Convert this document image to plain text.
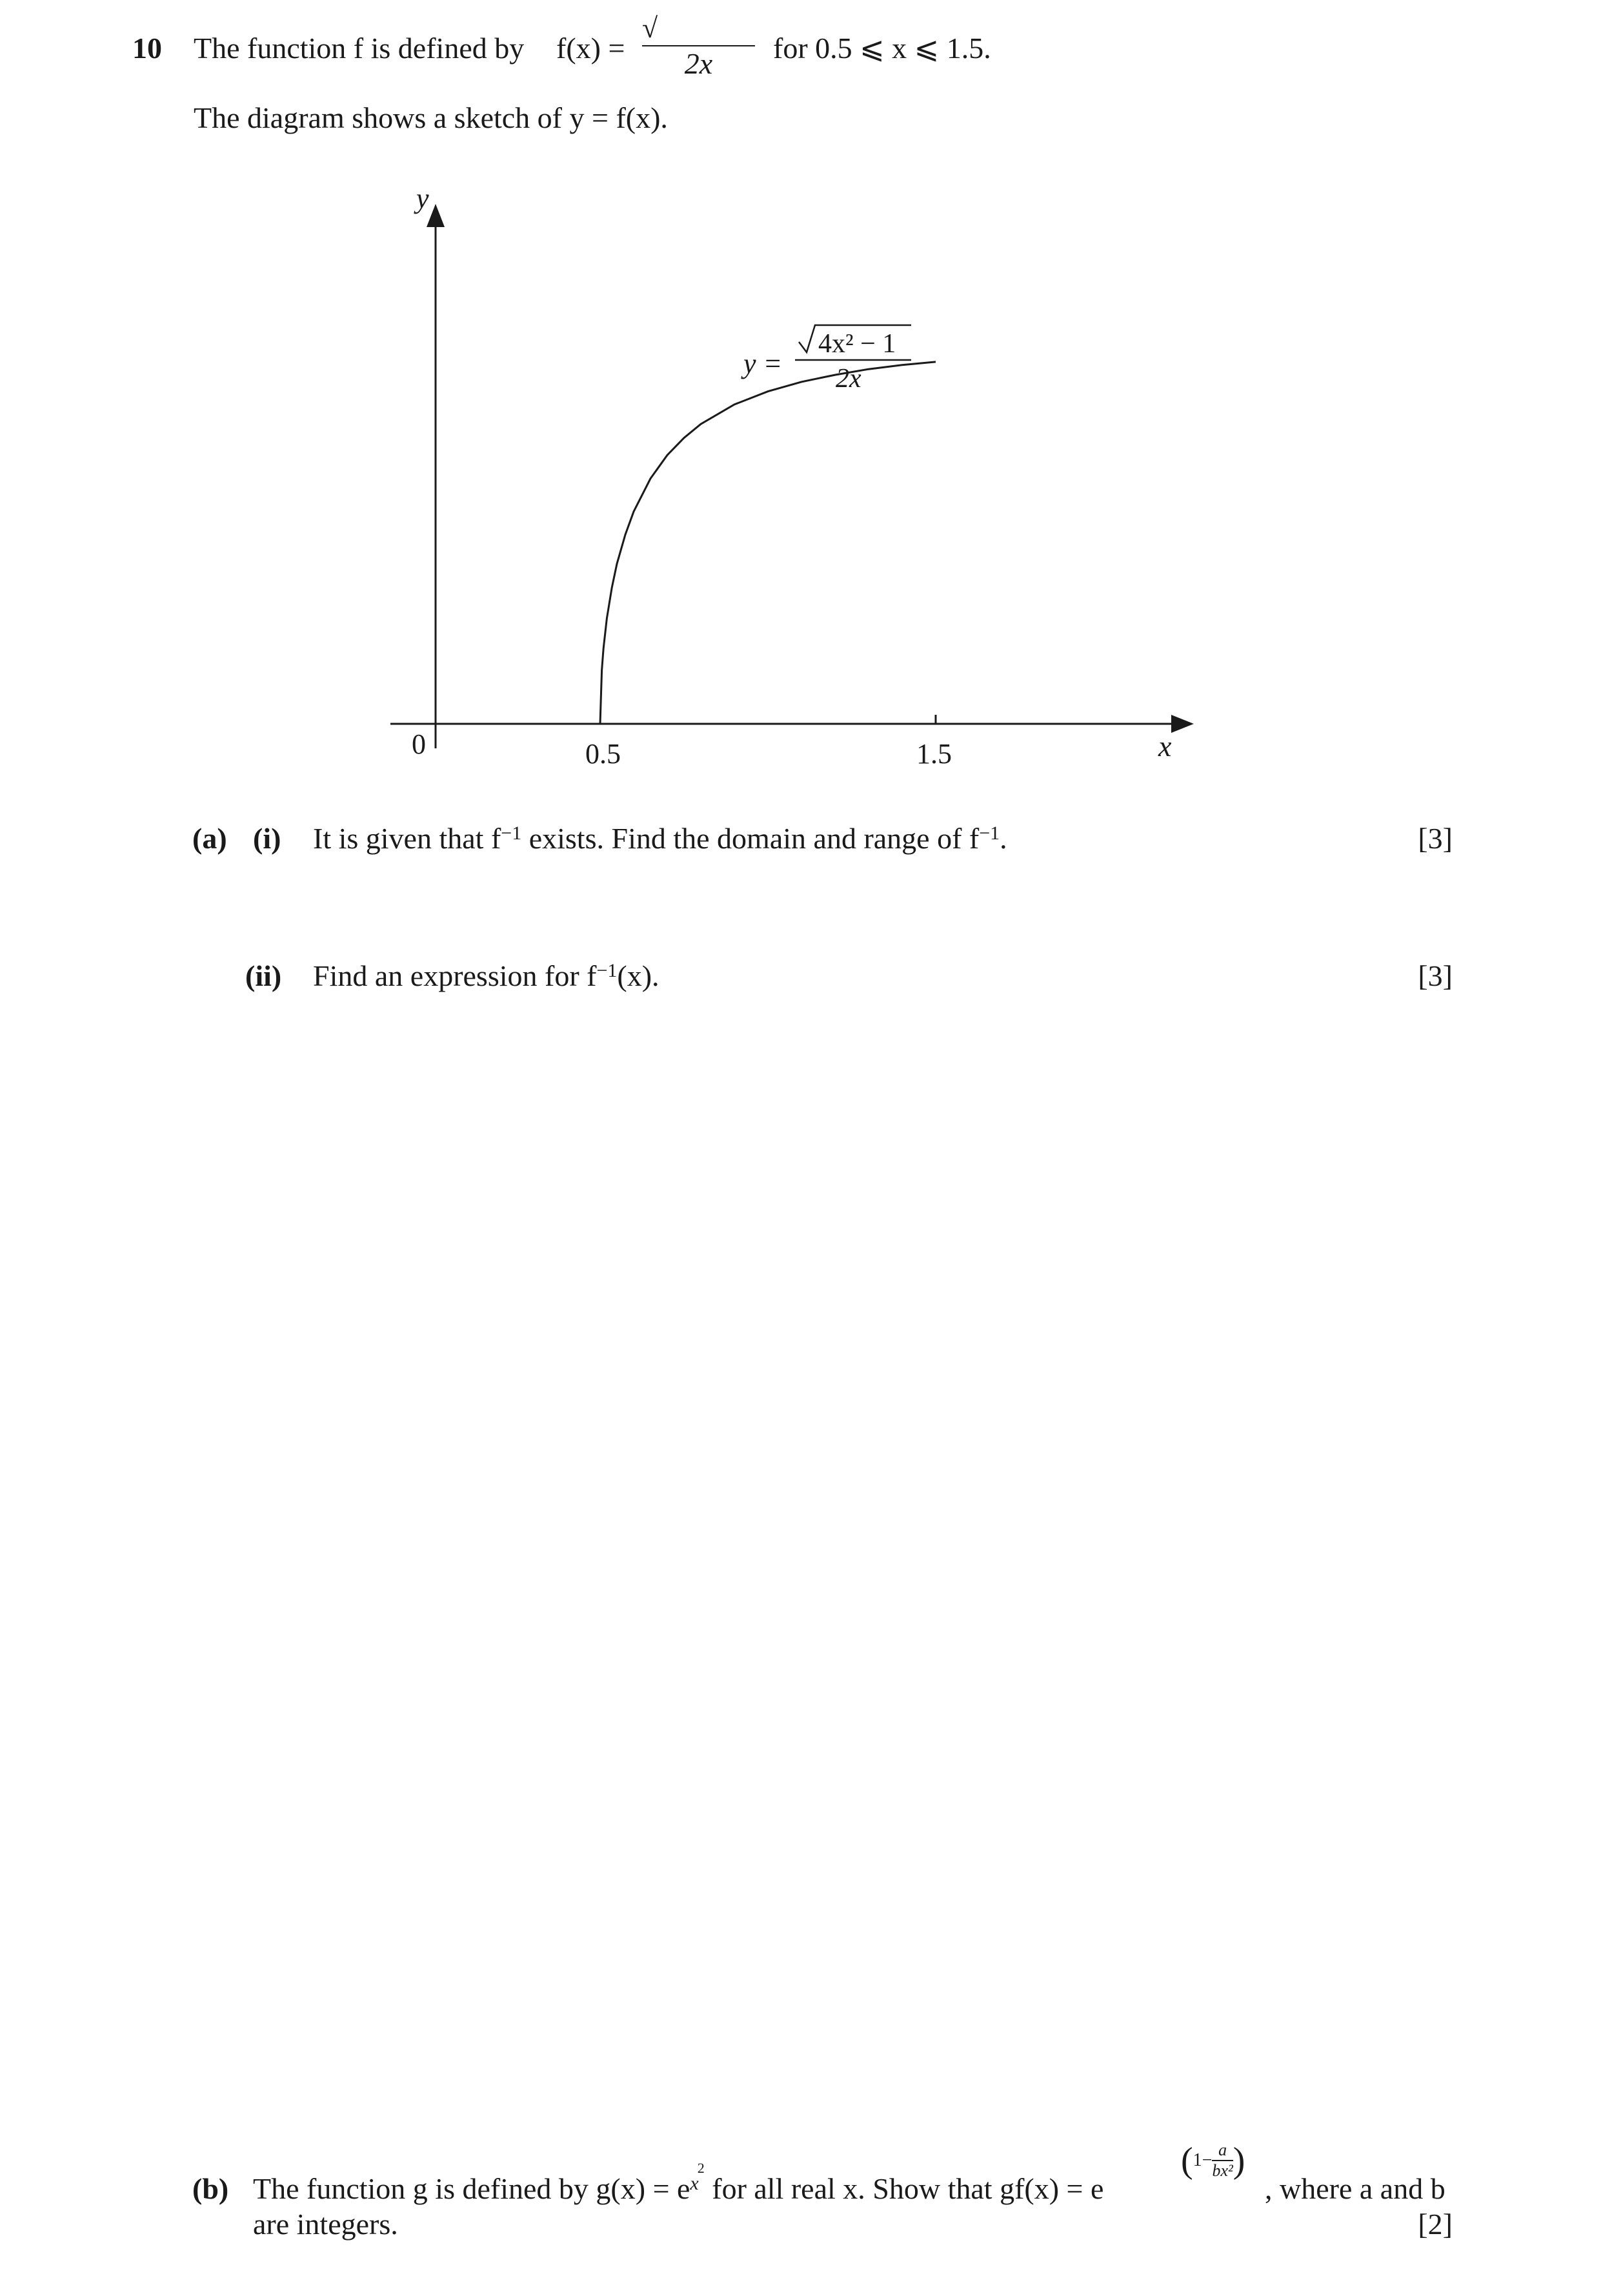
10 The function f is defined by f(x) =
√
2x	for 0.5 ⩽ x ⩽ 1.5.
The diagram shows a sketch of y = f(x).
y
x
0	0.5	1.5
y =
4x² − 1
2x
(a) (i) It is given that $f^{-1}$ exists. Find the domain and range of $f^{-1}$.	[3]
(ii) Find an expression for $f^{-1}(x)$.	[3]
(b) The function g is defined by $g(x) = e^{x^2}$ for all real x. Show that gf(x) = e
($1- \frac{a}{\text{bx²}}$ )
, where a and b
are integers.	[2]
